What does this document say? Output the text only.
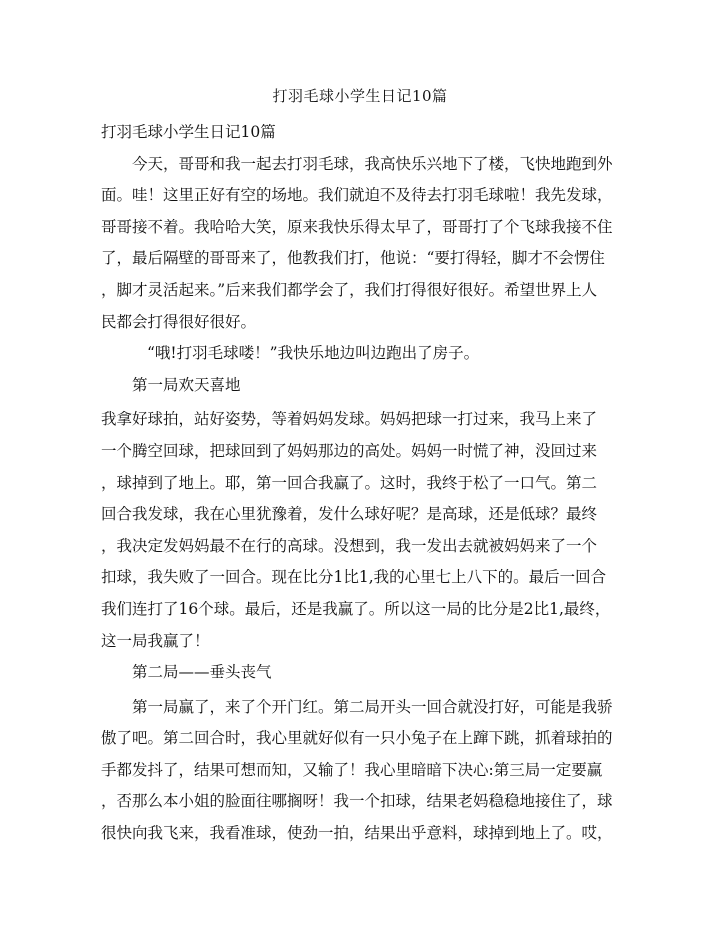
打羽毛球小学生日记10篇

打羽毛球小学生日记10篇

今天，哥哥和我一起去打羽毛球，我高快乐兴地下了楼，飞快地跑到外

面。哇！这里正好有空的场地。我们就迫不及待去打羽毛球啦！我先发球，

哥哥接不着。我哈哈大笑，原来我快乐得太早了，哥哥打了个飞球我接不住

了，最后隔壁的哥哥来了，他教我们打，他说：“要打得轻，脚才不会愣住

，脚才灵活起来。”后来我们都学会了，我们打得很好很好。希望世界上人

民都会打得很好很好。

“哦!打羽毛球喽！”我快乐地边叫边跑出了房子。

第一局欢天喜地

我拿好球拍，站好姿势，等着妈妈发球。妈妈把球一打过来，我马上来了

一个腾空回球，把球回到了妈妈那边的高处。妈妈一时慌了神，没回过来

，球掉到了地上。耶，第一回合我赢了。这时，我终于松了一口气。第二

回合我发球，我在心里犹豫着，发什么球好呢？是高球，还是低球？最终

，我决定发妈妈最不在行的高球。没想到，我一发出去就被妈妈来了一个

扣球，我失败了一回合。现在比分1比1,我的心里七上八下的。最后一回合

我们连打了16个球。最后，还是我赢了。所以这一局的比分是2比1,最终，

这一局我赢了！

第二局——垂头丧气

第一局赢了，来了个开门红。第二局开头一回合就没打好，可能是我骄

傲了吧。第二回合时，我心里就好似有一只小兔子在上蹿下跳，抓着球拍的

手都发抖了，结果可想而知，又输了！我心里暗暗下决心:第三局一定要赢

，否那么本小姐的脸面往哪搁呀！我一个扣球，结果老妈稳稳地接住了，球

很快向我飞来，我看准球，使劲一拍，结果出乎意料，球掉到地上了。哎，
